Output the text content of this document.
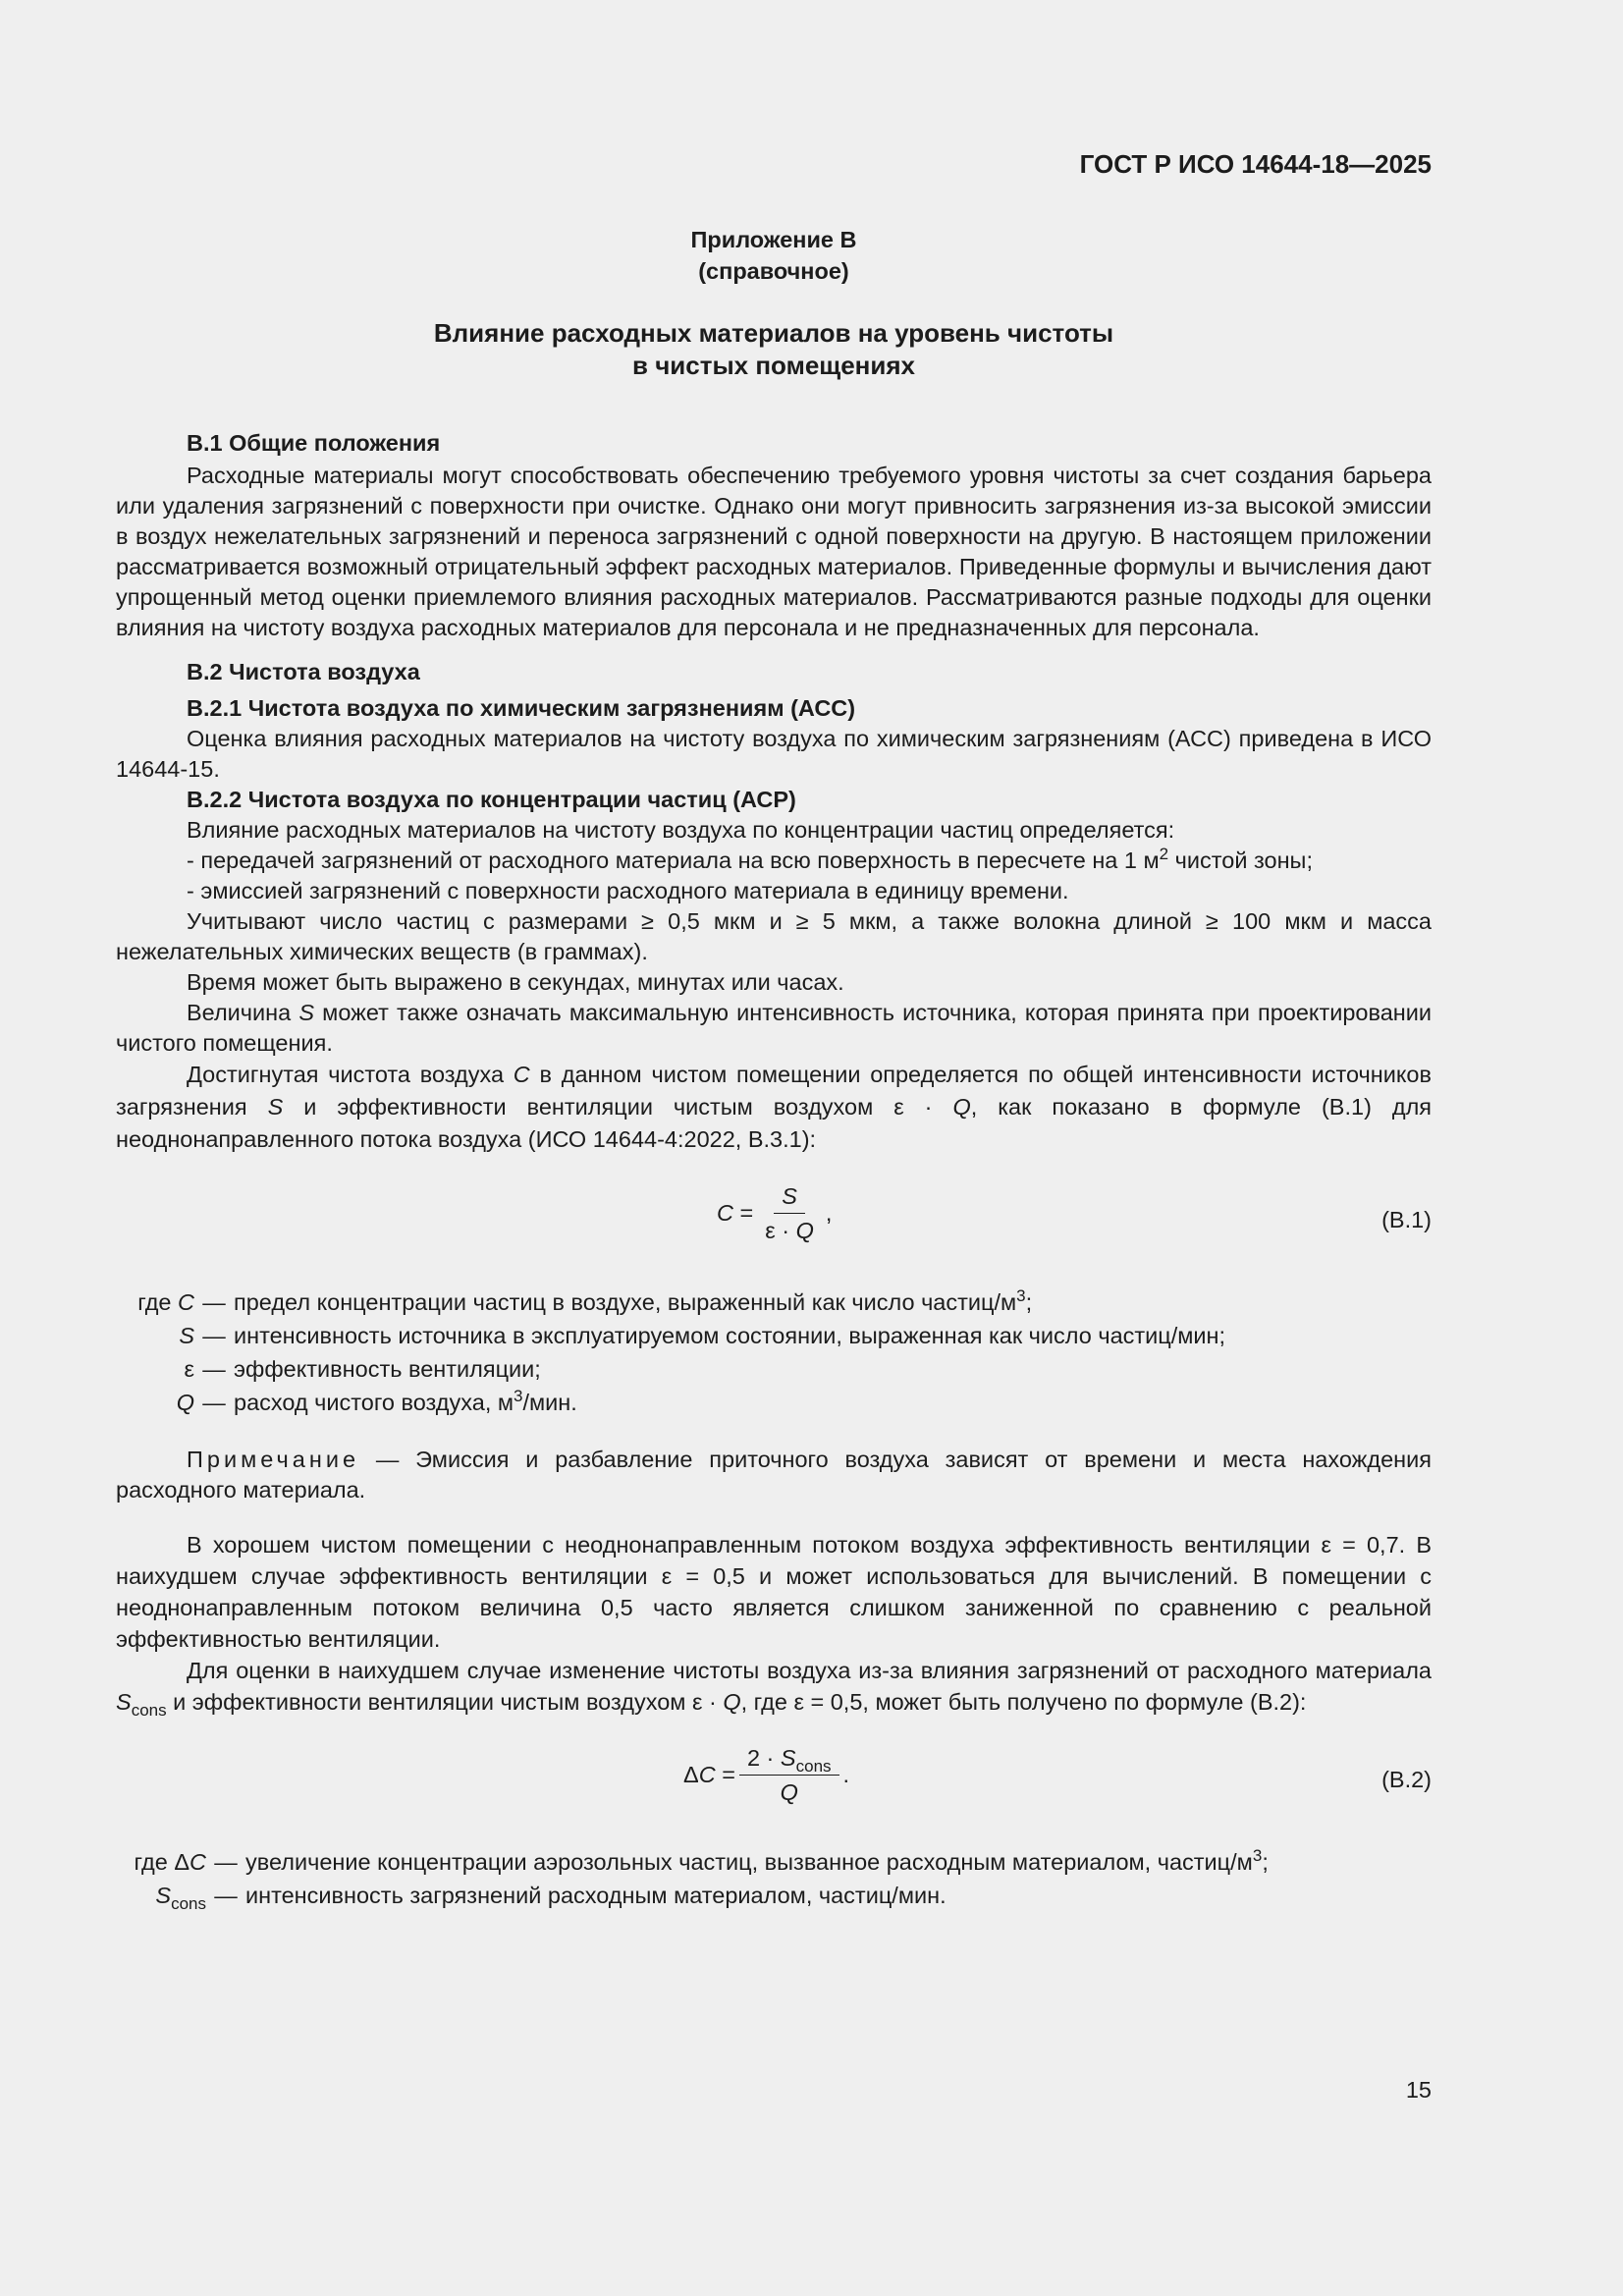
ГОСТ Р ИСО 14644-18—2025
Приложение В
(справочное)
Влияние расходных материалов на уровень чистоты
в чистых помещениях

В.1 Общие положения

Расходные материалы могут способствовать обеспечению требуемого уровня чистоты за счет создания барьера или удаления загрязнений с поверхности при очистке. Однако они могут привносить загрязнения из-за высокой эмиссии в воздух нежелательных загрязнений и переноса загрязнений с одной поверхности на другую. В настоящем приложении рассматривается возможный отрицательный эффект расходных материалов. Приведенные формулы и вычисления дают упрощенный метод оценки приемлемого влияния расходных материалов. Рассматриваются разные подходы для оценки влияния на чистоту воздуха расходных материалов для персонала и не предназначенных для персонала.

В.2 Чистота воздуха

В.2.1 Чистота воздуха по химическим загрязнениям (АСС)

Оценка влияния расходных материалов на чистоту воздуха по химическим загрязнениям (АСС) приведена в ИСО 14644-15.

В.2.2 Чистота воздуха по концентрации частиц (АСР)

Влияние расходных материалов на чистоту воздуха по концентрации частиц определяется:

- передачей загрязнений от расходного материала на всю поверхность в пересчете на 1 $м^2$ чистой зоны;

- эмиссией загрязнений с поверхности расходного материала в единицу времени.

Учитывают число частиц с размерами ≥ 0,5 мкм и ≥ 5 мкм, а также волокна длиной ≥ 100 мкм и масса нежелательных химических веществ (в граммах).

Время может быть выражено в секундах, минутах или часах.

Величина S может также означать максимальную интенсивность источника, которая принята при проектировании чистого помещения.

Достигнутая чистота воздуха C в данном чистом помещении определяется по общей интенсивности источников загрязнения S и эффективности вентиляции чистым воздухом ε · Q, как показано в формуле (В.1) для неоднонаправленного потока воздуха (ИСО 14644-4:2022, В.3.1):

$C = \frac{S}{\varepsilon \cdot Q}$ ,	(В.1)
где C — предел концентрации частиц в воздухе, выраженный как число частиц/$м^3$;
S — интенсивность источника в эксплуатируемом состоянии, выраженная как число частиц/мин;
ε — эффективность вентиляции;
Q — расход чистого воздуха, $м^3$/мин.

Примечание — Эмиссия и разбавление приточного воздуха зависят от времени и места нахождения расходного материала.

В хорошем чистом помещении с неоднонаправленным потоком воздуха эффективность вентиляции ε = 0,7. В наихудшем случае эффективность вентиляции ε = 0,5 и может использоваться для вычислений. В помещении с неоднонаправленным потоком величина 0,5 часто является слишком заниженной по сравнению с реальной эффективностью вентиляции.

Для оценки в наихудшем случае изменение чистоты воздуха из-за влияния загрязнений от расходного материала $S_{cons}$ и эффективности вентиляции чистым воздухом ε · Q, где ε = 0,5, может быть получено по формуле (В.2):

$\Delta C = \frac{2 \cdot S_{cons}}{Q}$ .	(В.2)
где ΔC — увеличение концентрации аэрозольных частиц, вызванное расходным материалом, частиц/$м^3$;
$S_{cons}$ — интенсивность загрязнений расходным материалом, частиц/мин.
15
